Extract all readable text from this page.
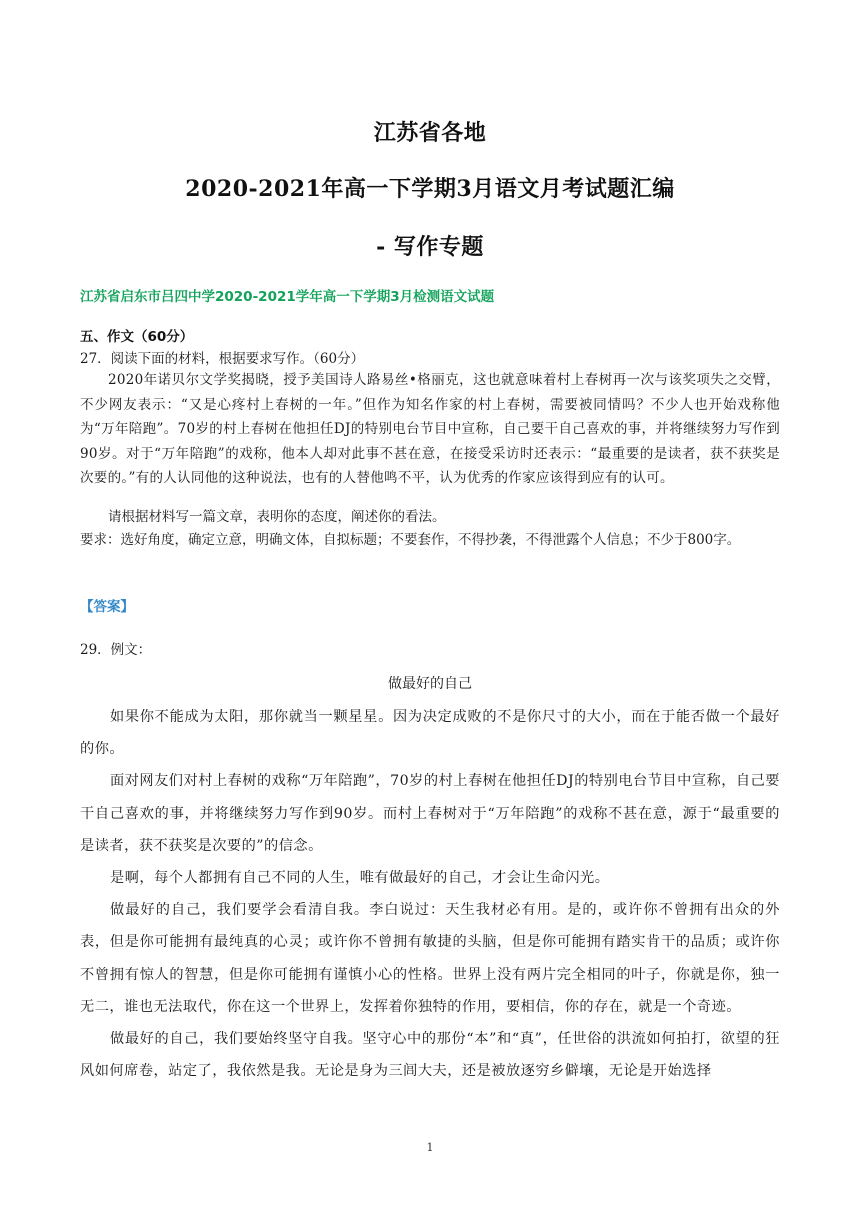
江苏省各地
2020-2021年高一下学期3月语文月考试题汇编
- 写作专题
江苏省启东市吕四中学2020-2021学年高一下学期3月检测语文试题
五、作文（60分）
27．阅读下面的材料，根据要求写作。（60分）

2020年诺贝尔文学奖揭晓，授予美国诗人路易丝•格丽克，这也就意味着村上春树再一次与该奖项失之交臂，不少网友表示：“又是心疼村上春树的一年。”但作为知名作家的村上春树，需要被同情吗？不少人也开始戏称他为“万年陪跑”。70岁的村上春树在他担任DJ的特别电台节目中宣称，自己要干自己喜欢的事，并将继续努力写作到90岁。对于“万年陪跑”的戏称，他本人却对此事不甚在意，在接受采访时还表示：“最重要的是读者，获不获奖是次要的。”有的人认同他的这种说法，也有的人替他鸣不平，认为优秀的作家应该得到应有的认可。

请根据材料写一篇文章，表明你的态度，阐述你的看法。

要求：选好角度，确定立意，明确文体，自拟标题；不要套作，不得抄袭，不得泄露个人信息；不少于800字。

【答案】
29．例文：
做最好的自己

如果你不能成为太阳，那你就当一颗星星。因为决定成败的不是你尺寸的大小，而在于能否做一个最好的你。

面对网友们对村上春树的戏称“万年陪跑”，70岁的村上春树在他担任DJ的特别电台节目中宣称，自己要干自己喜欢的事，并将继续努力写作到90岁。而村上春树对于“万年陪跑”的戏称不甚在意，源于“最重要的是读者，获不获奖是次要的”的信念。

是啊，每个人都拥有自己不同的人生，唯有做最好的自己，才会让生命闪光。

做最好的自己，我们要学会看清自我。李白说过：天生我材必有用。是的，或许你不曾拥有出众的外表，但是你可能拥有最纯真的心灵；或许你不曾拥有敏捷的头脑，但是你可能拥有踏实肯干的品质；或许你不曾拥有惊人的智慧，但是你可能拥有谨慎小心的性格。世界上没有两片完全相同的叶子，你就是你，独一无二，谁也无法取代，你在这一个世界上，发挥着你独特的作用，要相信，你的存在，就是一个奇迹。

做最好的自己，我们要始终坚守自我。坚守心中的那份“本”和“真”，任世俗的洪流如何拍打，欲望的狂风如何席卷，站定了，我依然是我。无论是身为三闾大夫，还是被放逐穷乡僻壤，无论是开始选择

1
